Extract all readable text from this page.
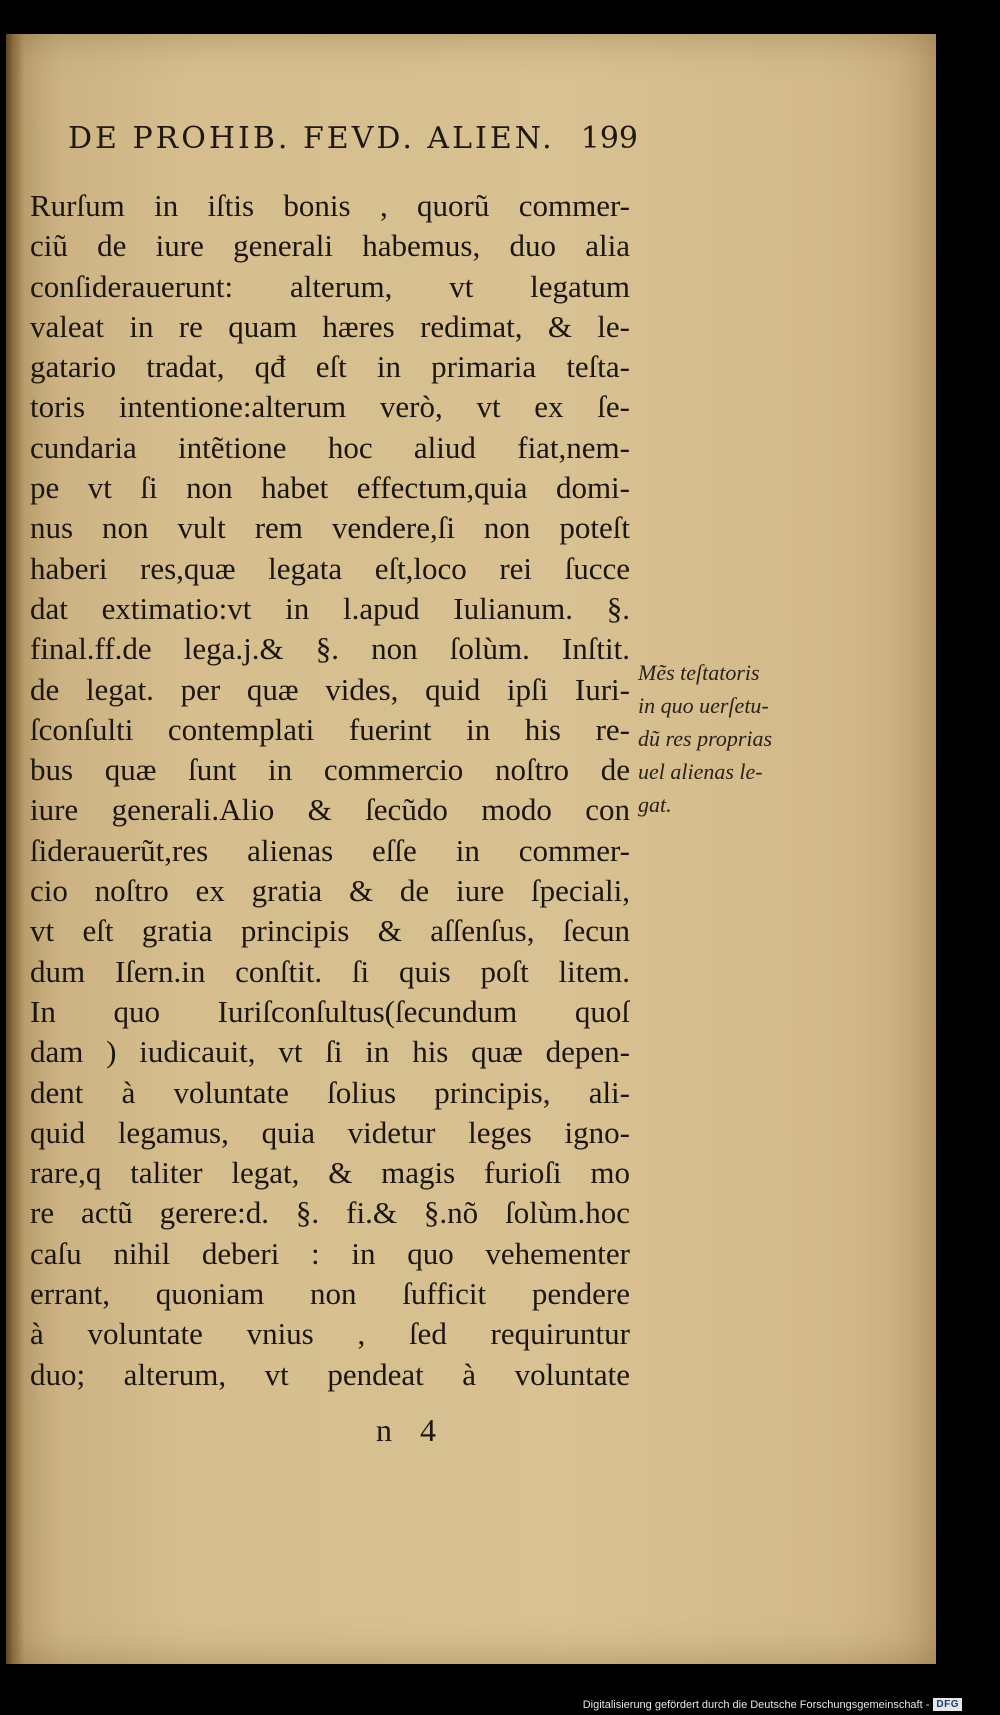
DE PROHIB. FEVD. ALIEN. 199
Rurſum in iſtis bonis , quorũ commer-
ciũ de iure generali habemus, duo alia
conſiderauerunt: alterum, vt legatum
valeat in re quam hæres redimat, & le-
gatario tradat, qđ eſt in primaria teſta-
toris intentione:alterum verò, vt ex ſe-
cundaria intẽtione hoc aliud fiat,nem-
pe vt ſi non habet effectum,quia domi-
nus non vult rem vendere,ſi non poteſt
haberi res,quæ legata eſt,loco rei ſucce
dat extimatio:vt in l.apud Iulianum. §.
final.ff.de lega.j.& §. non ſolùm. Inſtit.
de legat. per quæ vides, quid ipſi Iuri-
ſconſulti contemplati fuerint in his re-
bus quæ ſunt in commercio noſtro de
iure generali.Alio & ſecũdo modo con
ſiderauerũt,res alienas eſſe in commer-
cio noſtro ex gratia & de iure ſpeciali,
vt eſt gratia principis & aſſenſus, ſecun
dum Iſern.in conſtit. ſi quis poſt litem.
In quo Iuriſconſultus(ſecundum quoſ
dam ) iudicauit, vt ſi in his quæ depen-
dent à voluntate ſolius principis, ali-
quid legamus, quia videtur leges igno-
rare,q taliter legat, & magis furioſi mo
re actũ gerere:d. §. fi.& §.nõ ſolùm.hoc
caſu nihil deberi : in quo vehementer
errant, quoniam non ſufficit pendere
à voluntate vnius , ſed requiruntur
duo; alterum, vt pendeat à voluntate
Mẽs teſtatoris
in quo uerſetu-
dũ res proprias
uel alienas le-
gat.
n 4
Digitalisierung gefördert durch die Deutsche Forschungsgemeinschaft - DFG
